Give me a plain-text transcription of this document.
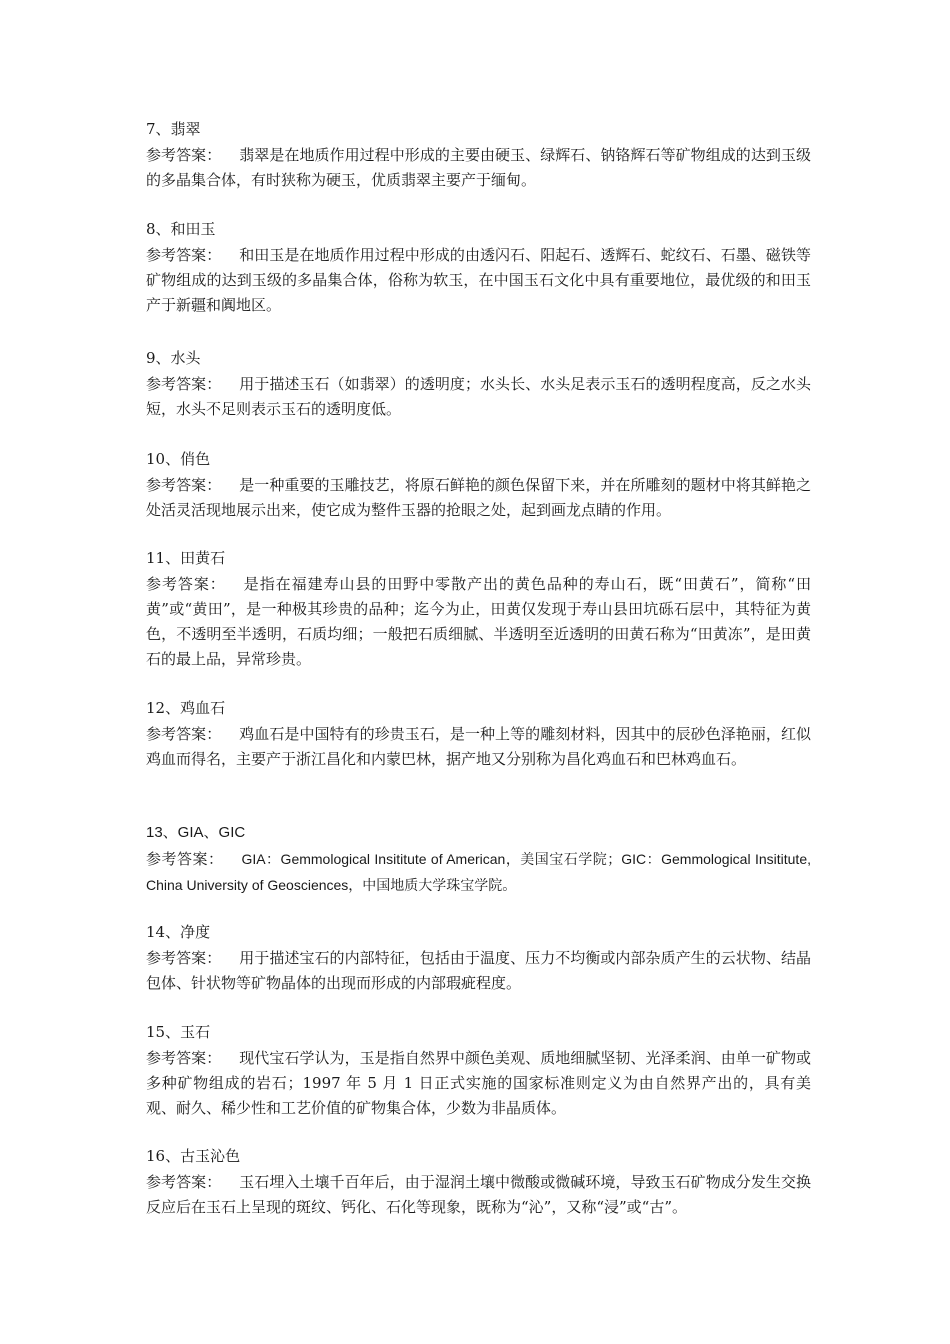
7、翡翠

参考答案： 翡翠是在地质作用过程中形成的主要由硬玉、绿辉石、钠铬辉石等矿物组成的达到玉级的多晶集合体，有时狭称为硬玉，优质翡翠主要产于缅甸。

8、和田玉

参考答案： 和田玉是在地质作用过程中形成的由透闪石、阳起石、透辉石、蛇纹石、石墨、磁铁等矿物组成的达到玉级的多晶集合体，俗称为软玉，在中国玉石文化中具有重要地位，最优级的和田玉产于新疆和阗地区。

9、水头

参考答案： 用于描述玉石（如翡翠）的透明度；水头长、水头足表示玉石的透明程度高，反之水头短，水头不足则表示玉石的透明度低。

10、俏色

参考答案： 是一种重要的玉雕技艺，将原石鲜艳的颜色保留下来，并在所雕刻的题材中将其鲜艳之处活灵活现地展示出来，使它成为整件玉器的抢眼之处，起到画龙点睛的作用。

11、田黄石

参考答案： 是指在福建寿山县的田野中零散产出的黄色品种的寿山石，既“田黄石”，简称“田黄”或“黄田”，是一种极其珍贵的品种；迄今为止，田黄仅发现于寿山县田坑砾石层中，其特征为黄色，不透明至半透明，石质均细；一般把石质细腻、半透明至近透明的田黄石称为“田黄冻”，是田黄石的最上品，异常珍贵。

12、鸡血石

参考答案： 鸡血石是中国特有的珍贵玉石，是一种上等的雕刻材料，因其中的辰砂色泽艳丽，红似鸡血而得名，主要产于浙江昌化和内蒙巴林，据产地又分别称为昌化鸡血石和巴林鸡血石。

13、GIA、GIC

参考答案： GIA：Gemmological Insititute of American，美国宝石学院；GIC：Gemmological Insititute, China University of Geosciences，中国地质大学珠宝学院。

14、净度

参考答案： 用于描述宝石的内部特征，包括由于温度、压力不均衡或内部杂质产生的云状物、结晶包体、针状物等矿物晶体的出现而形成的内部瑕疵程度。

15、玉石

参考答案： 现代宝石学认为，玉是指自然界中颜色美观、质地细腻坚韧、光泽柔润、由单一矿物或多种矿物组成的岩石；1997 年 5 月 1 日正式实施的国家标准则定义为由自然界产出的，具有美观、耐久、稀少性和工艺价值的矿物集合体，少数为非晶质体。

16、古玉沁色

参考答案： 玉石埋入土壤千百年后，由于湿润土壤中微酸或微碱环境，导致玉石矿物成分发生交换反应后在玉石上呈现的斑纹、钙化、石化等现象，既称为“沁”，又称“浸”或“古”。
